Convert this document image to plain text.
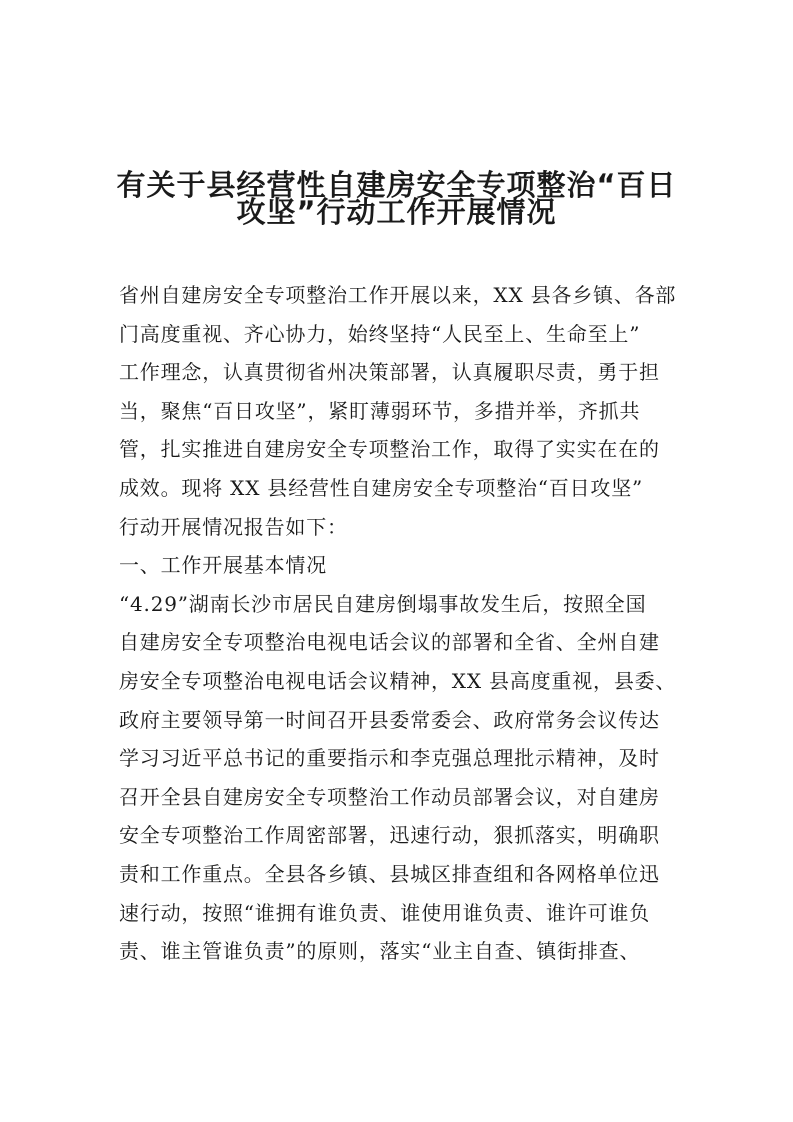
有关于县经营性自建房安全专项整治“百日
攻坚”行动工作开展情况
省州自建房安全专项整治工作开展以来，XX 县各乡镇、各部
门高度重视、齐心协力，始终坚持“人民至上、生命至上”
工作理念，认真贯彻省州决策部署，认真履职尽责，勇于担
当，聚焦“百日攻坚”，紧盯薄弱环节，多措并举，齐抓共
管，扎实推进自建房安全专项整治工作，取得了实实在在的
成效。现将 XX 县经营性自建房安全专项整治“百日攻坚”
行动开展情况报告如下：
一、工作开展基本情况
“4.29”湖南长沙市居民自建房倒塌事故发生后，按照全国
自建房安全专项整治电视电话会议的部署和全省、全州自建
房安全专项整治电视电话会议精神，XX 县高度重视，县委、
政府主要领导第一时间召开县委常委会、政府常务会议传达
学习习近平总书记的重要指示和李克强总理批示精神，及时
召开全县自建房安全专项整治工作动员部署会议，对自建房
安全专项整治工作周密部署，迅速行动，狠抓落实，明确职
责和工作重点。全县各乡镇、县城区排查组和各网格单位迅
速行动，按照“谁拥有谁负责、谁使用谁负责、谁许可谁负
责、谁主管谁负责”的原则，落实“业主自查、镇街排查、
